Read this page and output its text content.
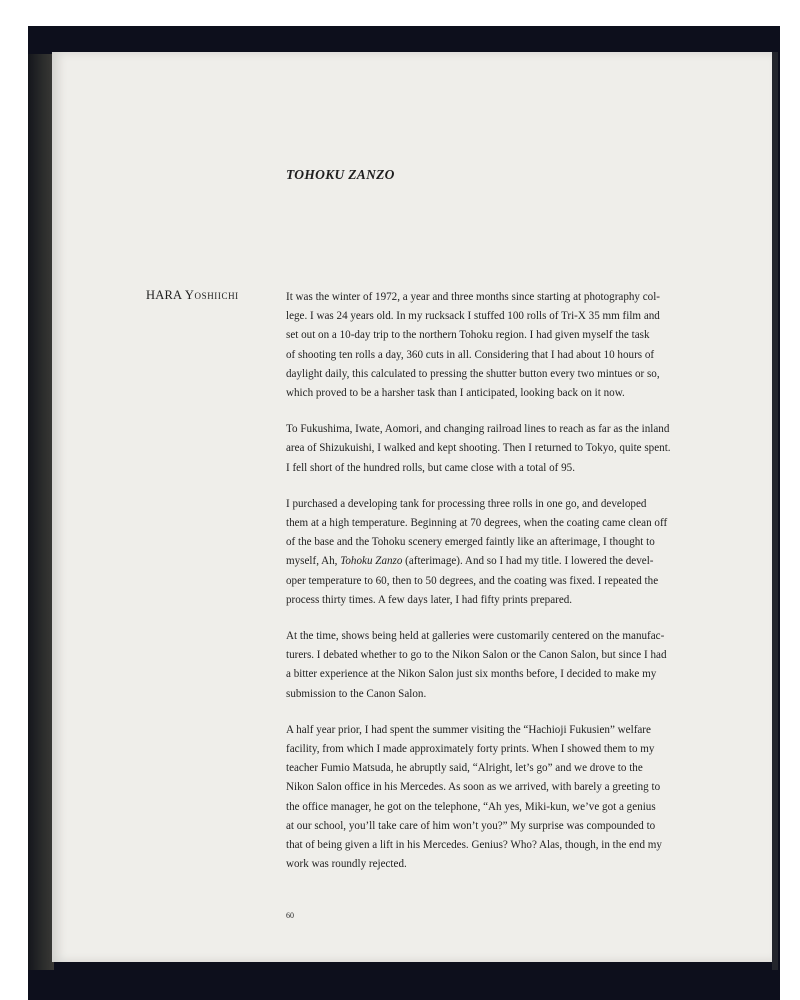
TOHOKU ZANZO
HARA Yoshiichi	It was the winter of 1972, a year and three months since starting at photography col-
lege. I was 24 years old. In my rucksack I stuffed 100 rolls of Tri-X 35 mm film and
set out on a 10-day trip to the northern Tohoku region. I had given myself the task
of shooting ten rolls a day, 360 cuts in all. Considering that I had about 10 hours of
daylight daily, this calculated to pressing the shutter button every two mintues or so,
which proved to be a harsher task than I anticipated, looking back on it now.

To Fukushima, Iwate, Aomori, and changing railroad lines to reach as far as the inland
area of Shizukuishi, I walked and kept shooting. Then I returned to Tokyo, quite spent.
I fell short of the hundred rolls, but came close with a total of 95.

I purchased a developing tank for processing three rolls in one go, and developed
them at a high temperature. Beginning at 70 degrees, when the coating came clean off
of the base and the Tohoku scenery emerged faintly like an afterimage, I thought to
myself, Ah, Tohoku Zanzo (afterimage). And so I had my title. I lowered the devel-
oper temperature to 60, then to 50 degrees, and the coating was fixed. I repeated the
process thirty times. A few days later, I had fifty prints prepared.

At the time, shows being held at galleries were customarily centered on the manufac-
turers. I debated whether to go to the Nikon Salon or the Canon Salon, but since I had
a bitter experience at the Nikon Salon just six months before, I decided to make my
submission to the Canon Salon.

A half year prior, I had spent the summer visiting the “Hachioji Fukusien” welfare
facility, from which I made approximately forty prints. When I showed them to my
teacher Fumio Matsuda, he abruptly said, “Alright, let’s go” and we drove to the
Nikon Salon office in his Mercedes. As soon as we arrived, with barely a greeting to
the office manager, he got on the telephone, “Ah yes, Miki-kun, we’ve got a genius
at our school, you’ll take care of him won’t you?” My surprise was compounded to
that of being given a lift in his Mercedes. Genius? Who? Alas, though, in the end my
work was roundly rejected.

60
